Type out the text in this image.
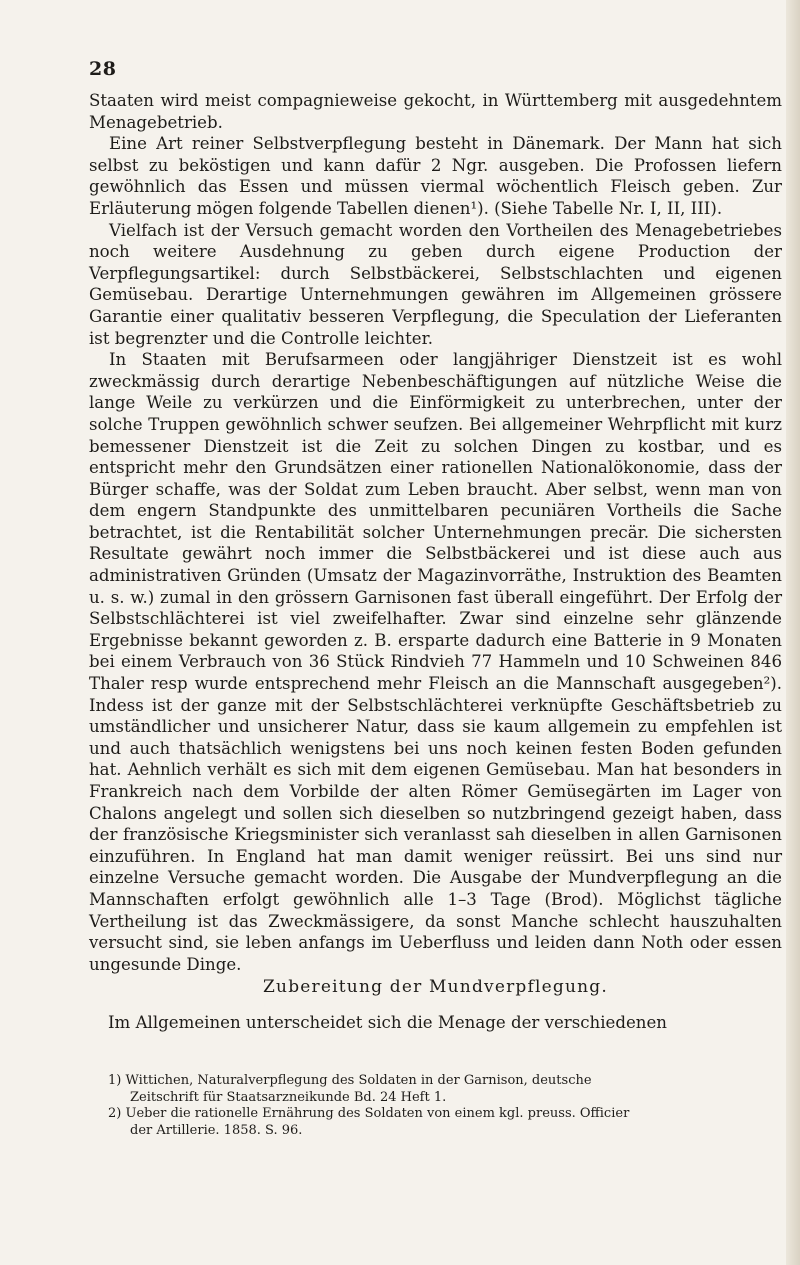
28

Staaten wird meist compagnieweise gekocht, in Württemberg mit ausgedehntem Menagebetrieb.

Eine Art reiner Selbstverpflegung besteht in Dänemark. Der Mann hat sich selbst zu beköstigen und kann dafür 2 Ngr. ausgeben. Die Profossen liefern gewöhnlich das Essen und müssen viermal wöchentlich Fleisch geben. Zur Erläuterung mögen folgende Tabellen dienen¹). (Siehe Tabelle Nr. I, II, III).

Vielfach ist der Versuch gemacht worden den Vortheilen des Menagebetriebes noch weitere Ausdehnung zu geben durch eigene Production der Verpflegungsartikel: durch Selbstbäckerei, Selbstschlachten und eigenen Gemüsebau. Derartige Unternehmungen gewähren im Allgemeinen grössere Garantie einer qualitativ besseren Verpflegung, die Speculation der Lieferanten ist begrenzter und die Controlle leichter.

In Staaten mit Berufsarmeen oder langjähriger Dienstzeit ist es wohl zweckmässig durch derartige Nebenbeschäftigungen auf nützliche Weise die lange Weile zu verkürzen und die Einförmigkeit zu unterbrechen, unter der solche Truppen gewöhnlich schwer seufzen. Bei allgemeiner Wehrpflicht mit kurz bemessener Dienstzeit ist die Zeit zu solchen Dingen zu kostbar, und es entspricht mehr den Grundsätzen einer rationellen Nationalökonomie, dass der Bürger schaffe, was der Soldat zum Leben braucht. Aber selbst, wenn man von dem engern Standpunkte des unmittelbaren pecuniären Vortheils die Sache betrachtet, ist die Rentabilität solcher Unternehmungen precär. Die sichersten Resultate gewährt noch immer die Selbstbäckerei und ist diese auch aus administrativen Gründen (Umsatz der Magazinvorräthe, Instruktion des Beamten u. s. w.) zumal in den grössern Garnisonen fast überall eingeführt. Der Erfolg der Selbstschlächterei ist viel zweifelhafter. Zwar sind einzelne sehr glänzende Ergebnisse bekannt geworden z. B. ersparte dadurch eine Batterie in 9 Monaten bei einem Verbrauch von 36 Stück Rindvieh 77 Hammeln und 10 Schweinen 846 Thaler resp wurde entsprechend mehr Fleisch an die Mannschaft ausgegeben²). Indess ist der ganze mit der Selbstschlächterei verknüpfte Geschäftsbetrieb zu umständlicher und unsicherer Natur, dass sie kaum allgemein zu empfehlen ist und auch thatsächlich wenigstens bei uns noch keinen festen Boden gefunden hat. Aehnlich verhält es sich mit dem eigenen Gemüsebau. Man hat besonders in Frankreich nach dem Vorbilde der alten Römer Gemüsegärten im Lager von Chalons angelegt und sollen sich dieselben so nutzbringend gezeigt haben, dass der französische Kriegsminister sich veranlasst sah dieselben in allen Garnisonen einzuführen. In England hat man damit weniger reüssirt. Bei uns sind nur einzelne Versuche gemacht worden. Die Ausgabe der Mundverpflegung an die Mannschaften erfolgt gewöhnlich alle 1–3 Tage (Brod). Möglichst tägliche Vertheilung ist das Zweckmässigere, da sonst Manche schlecht hauszuhalten versucht sind, sie leben anfangs im Ueberfluss und leiden dann Noth oder essen ungesunde Dinge.

Zubereitung der Mundverpflegung.
Im Allgemeinen unterscheidet sich die Menage der verschiedenen

1) Wittichen, Naturalverpflegung des Soldaten in der Garnison, deutsche

Zeitschrift für Staatsarzneikunde Bd. 24 Heft 1.

2) Ueber die rationelle Ernährung des Soldaten von einem kgl. preuss. Officier

der Artillerie. 1858. S. 96.
